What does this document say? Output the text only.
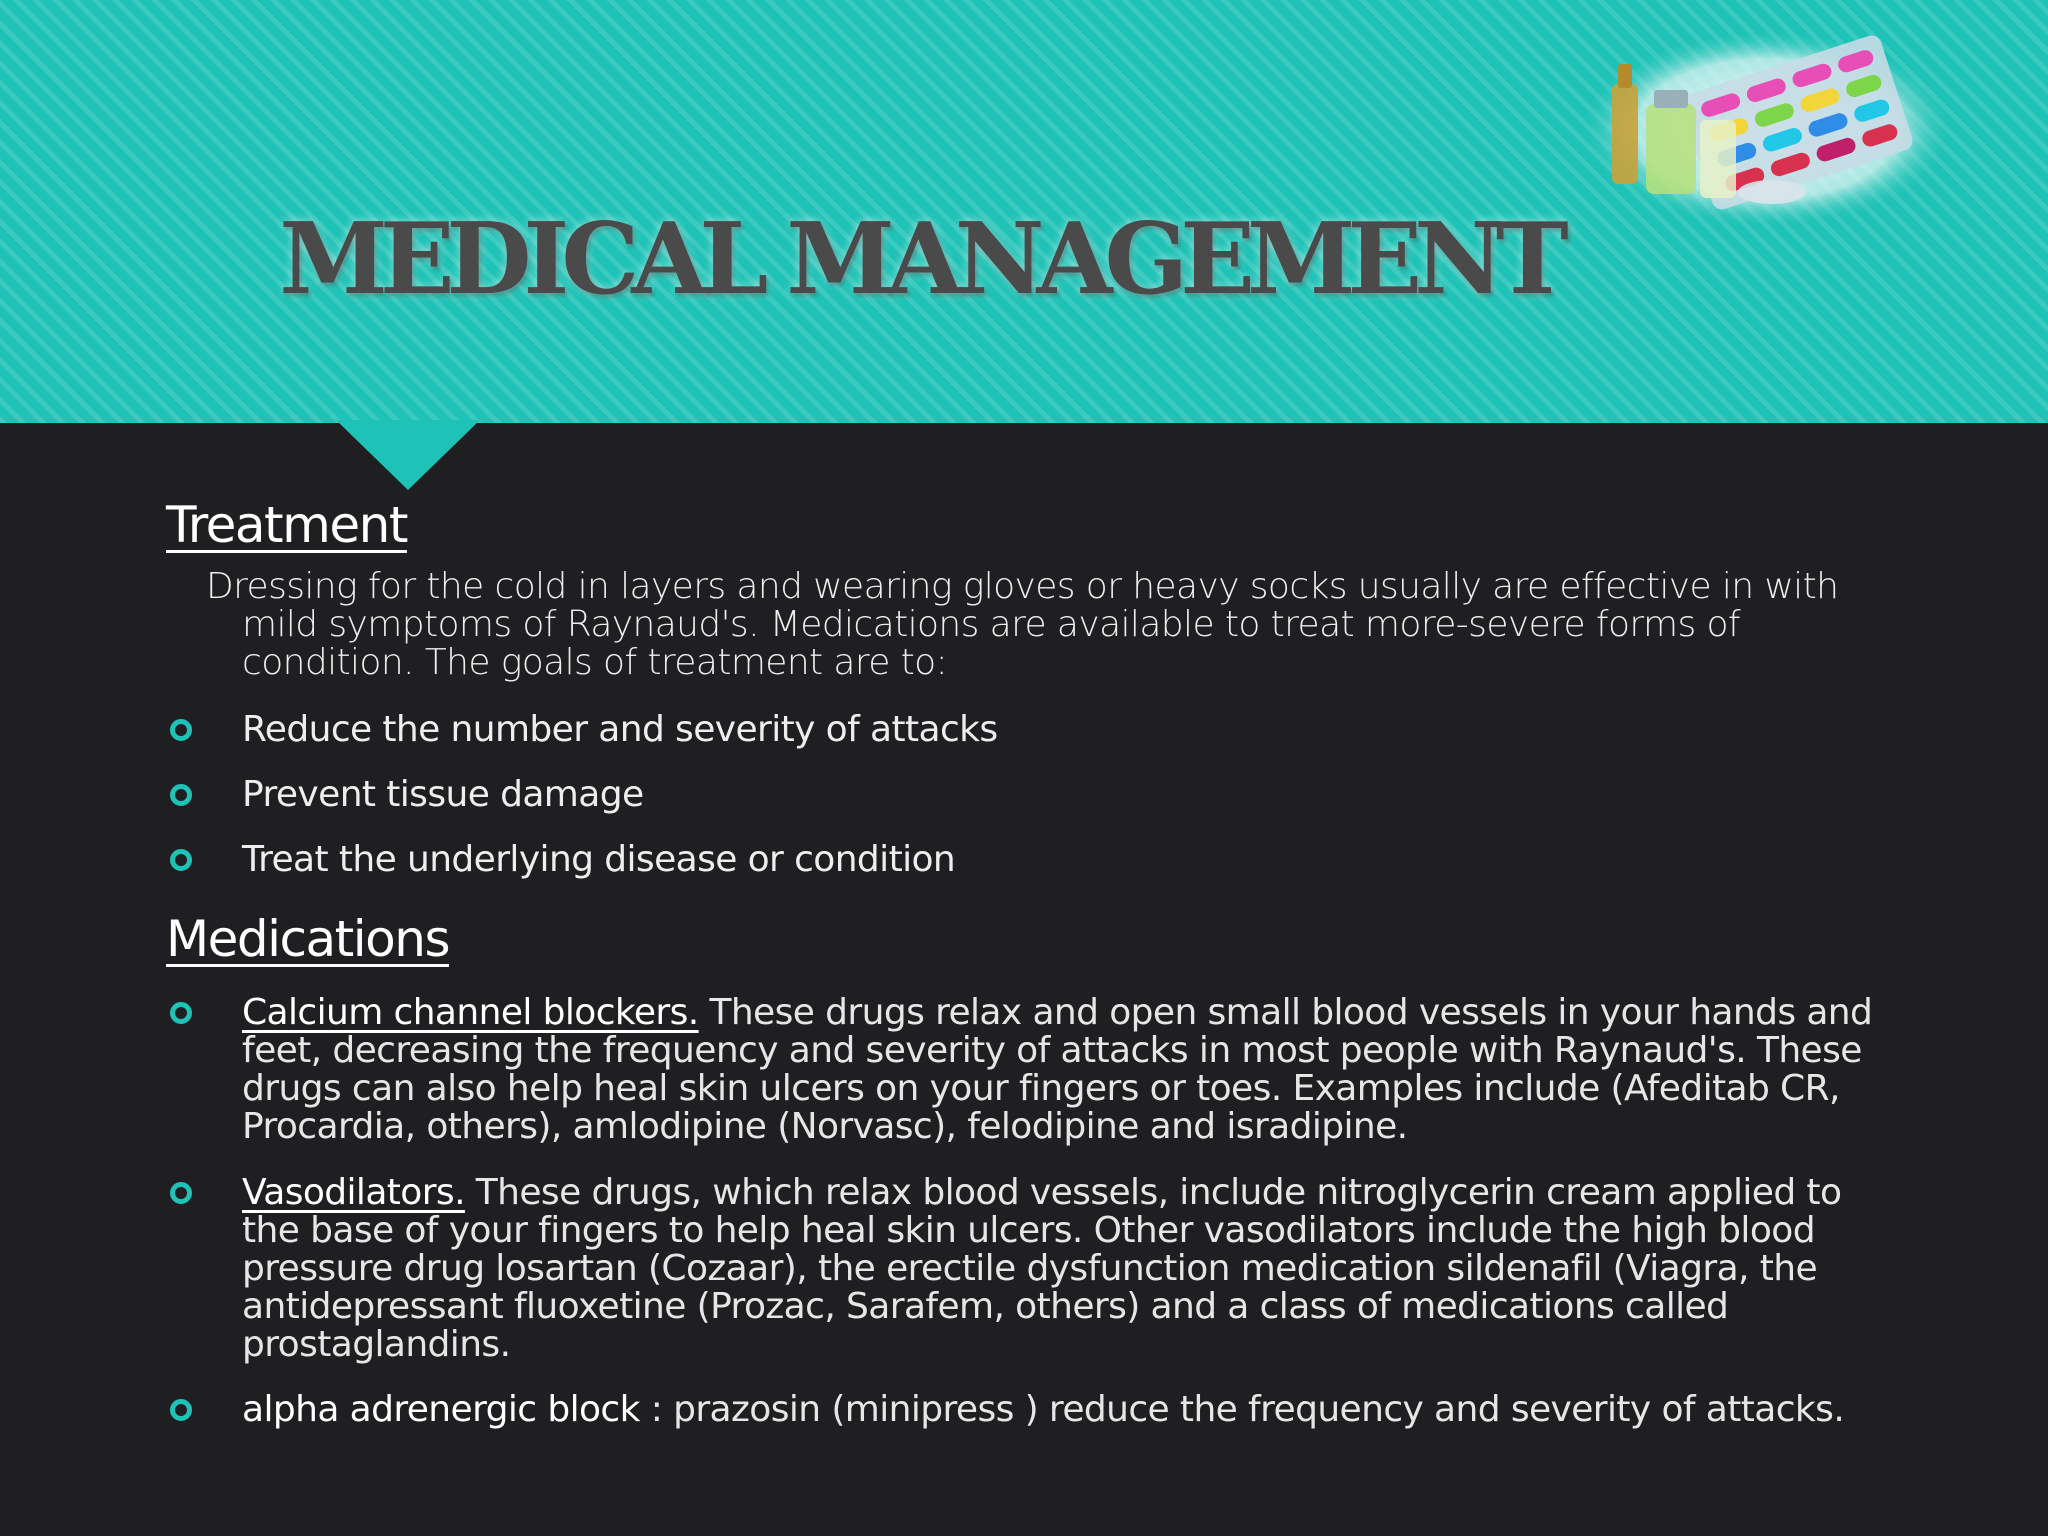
MEDICAL MANAGEMENT
Treatment
Dressing for the cold in layers and wearing gloves or heavy socks usually are effective in with mild symptoms of Raynaud's. Medications are available to treat more-severe forms of condition. The goals of treatment are to:
Reduce the number and severity of attacks
Prevent tissue damage
Treat the underlying disease or condition
Medications
Calcium channel blockers. These drugs relax and open small blood vessels in your hands and feet, decreasing the frequency and severity of attacks in most people with Raynaud's. These drugs can also help heal skin ulcers on your fingers or toes. Examples include (Afeditab CR, Procardia, others), amlodipine (Norvasc), felodipine and isradipine.
Vasodilators. These drugs, which relax blood vessels, include nitroglycerin cream applied to the base of your fingers to help heal skin ulcers. Other vasodilators include the high blood pressure drug losartan (Cozaar), the erectile dysfunction medication sildenafil (Viagra, the antidepressant fluoxetine (Prozac, Sarafem, others) and a class of medications called prostaglandins.
alpha adrenergic block : prazosin (minipress ) reduce the frequency and severity of attacks.
